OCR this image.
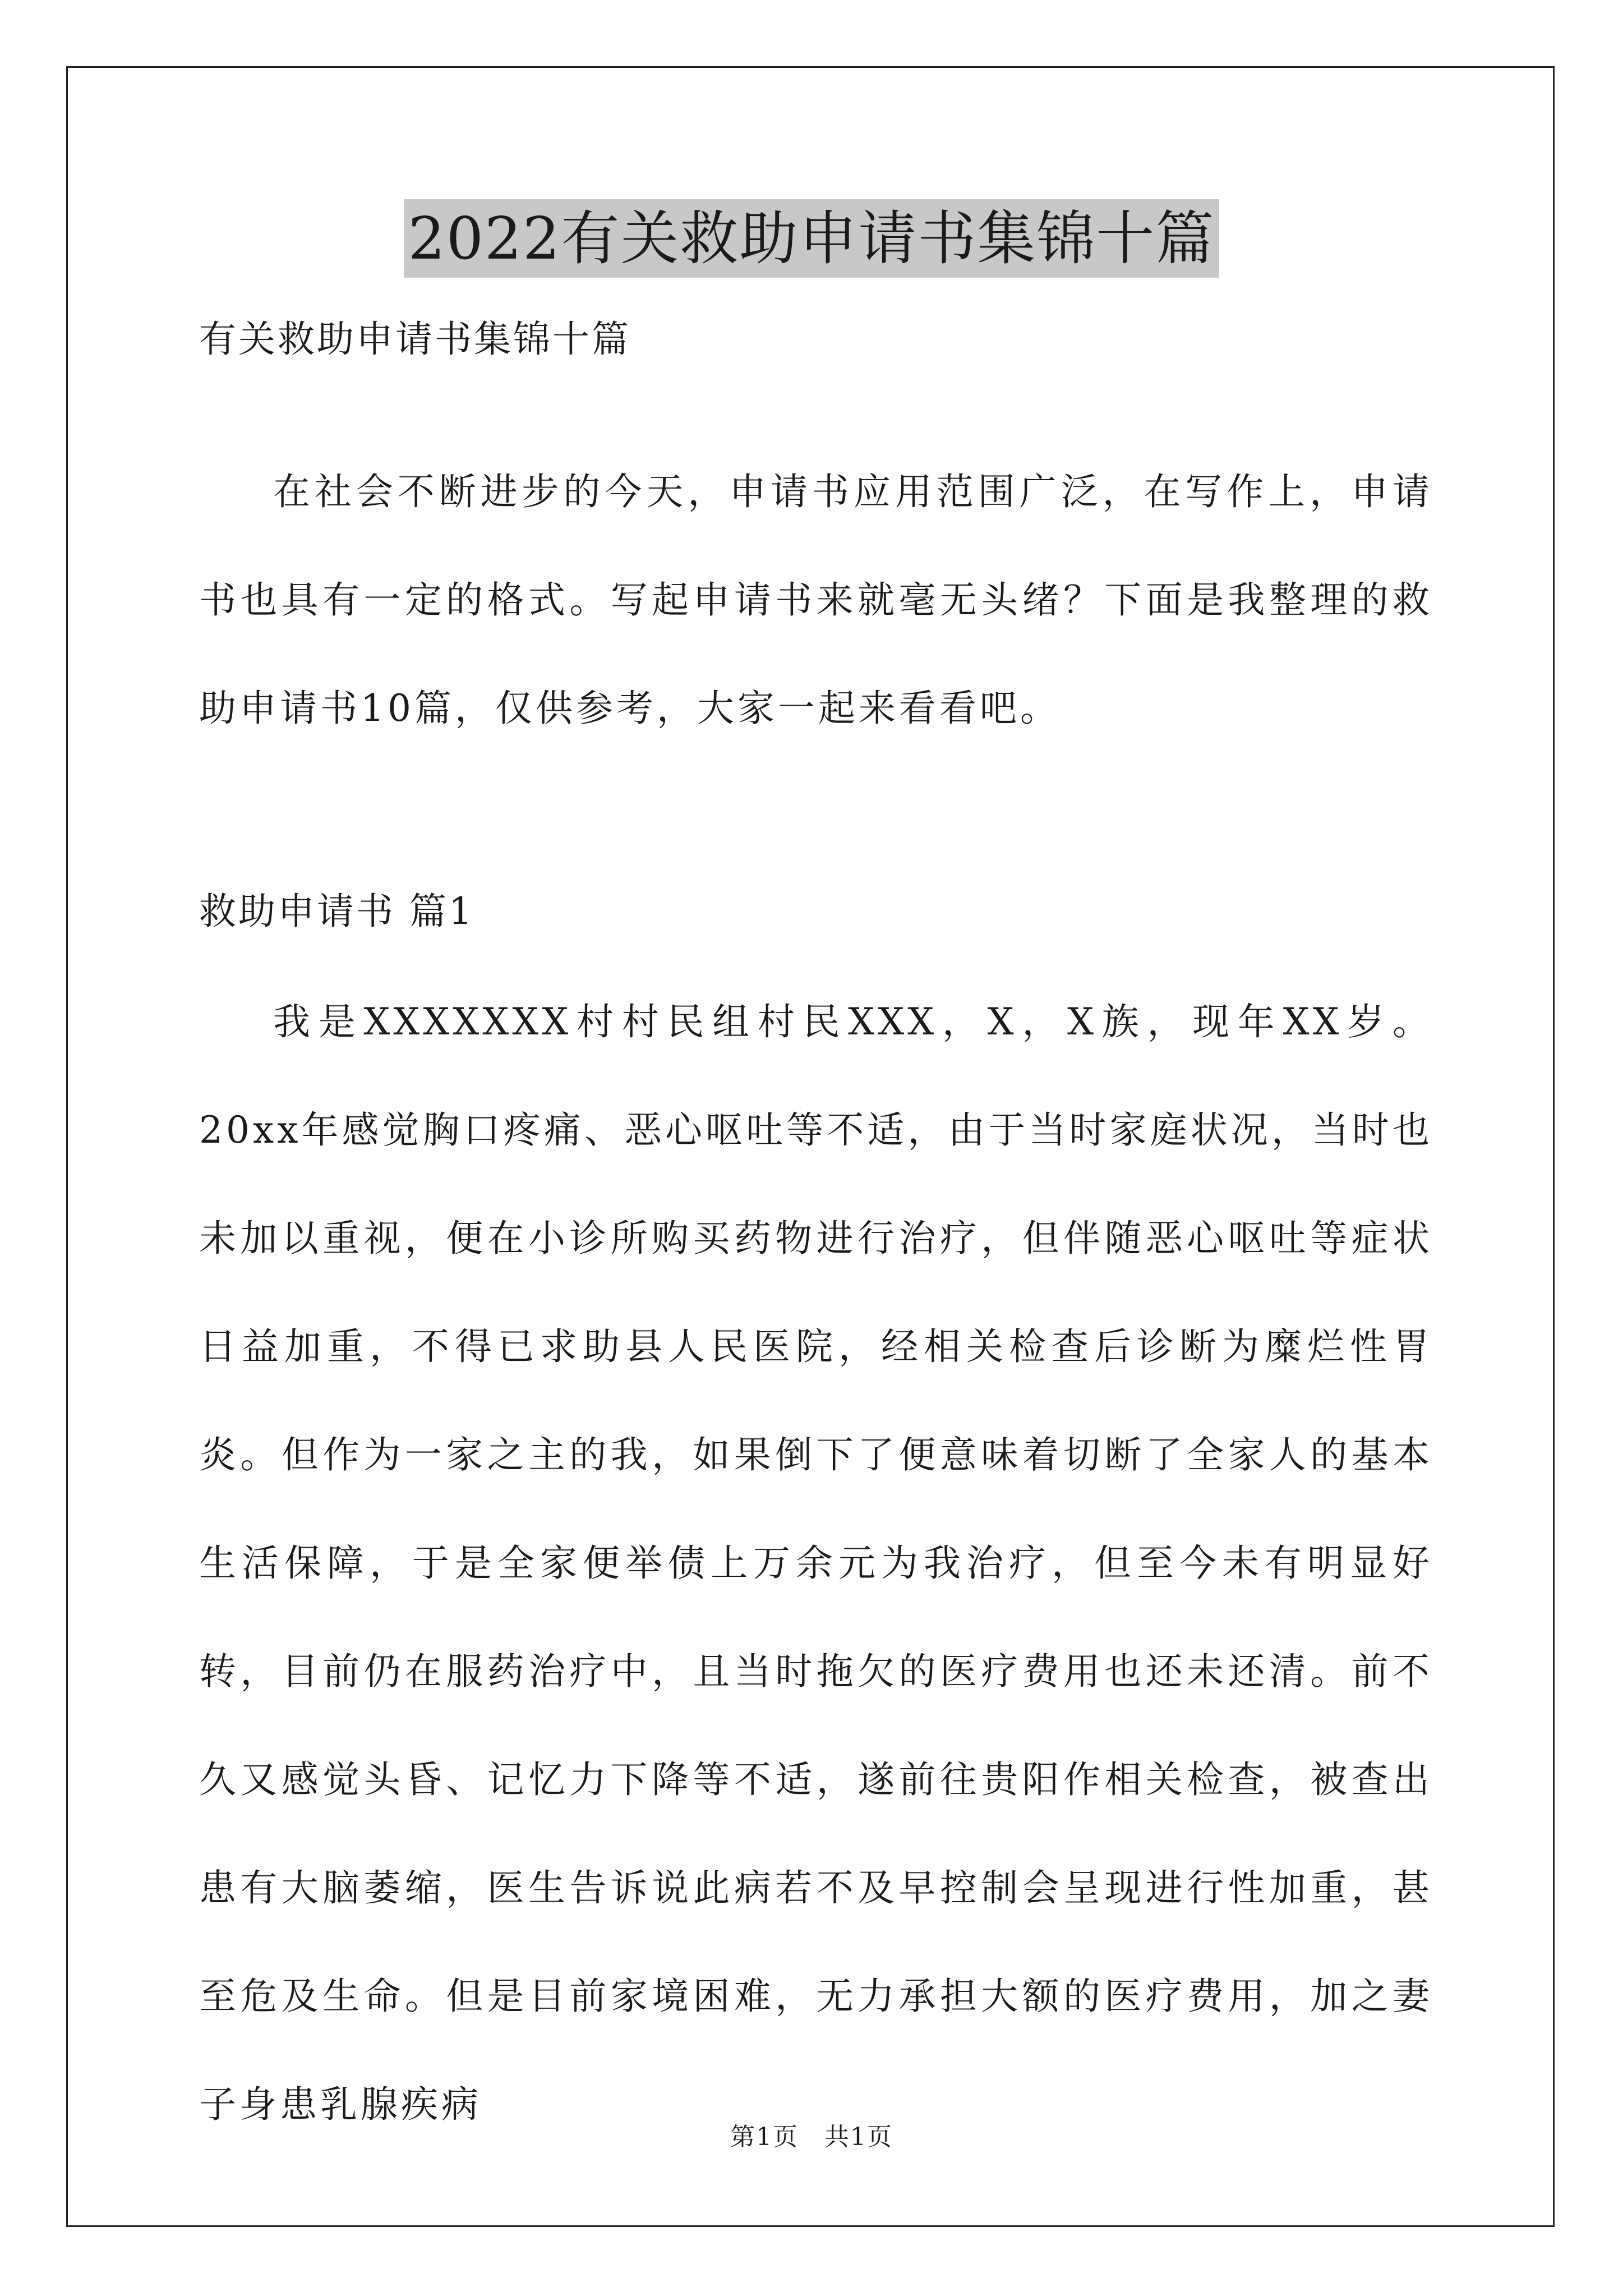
2022有关救助申请书集锦十篇
有关救助申请书集锦十篇

在社会不断进步的今天，申请书应用范围广泛，在写作上，申请书也具有一定的格式。写起申请书来就毫无头绪？下面是我整理的救助申请书10篇，仅供参考，大家一起来看看吧。

救助申请书 篇1

我是XXXXXXX村村民组村民XXX，X，X族，现年XX岁。20xx年感觉胸口疼痛、恶心呕吐等不适，由于当时家庭状况，当时也未加以重视，便在小诊所购买药物进行治疗，但伴随恶心呕吐等症状日益加重，不得已求助县人民医院，经相关检查后诊断为糜烂性胃炎。但作为一家之主的我，如果倒下了便意味着切断了全家人的基本生活保障，于是全家便举债上万余元为我治疗，但至今未有明显好转，目前仍在服药治疗中，且当时拖欠的医疗费用也还未还清。前不久又感觉头昏、记忆力下降等不适，遂前往贵阳作相关检查，被查出患有大脑萎缩，医生告诉说此病若不及早控制会呈现进行性加重，甚至危及生命。但是目前家境困难，无力承担大额的医疗费用，加之妻子身患乳腺疾病

第1页　共1页
